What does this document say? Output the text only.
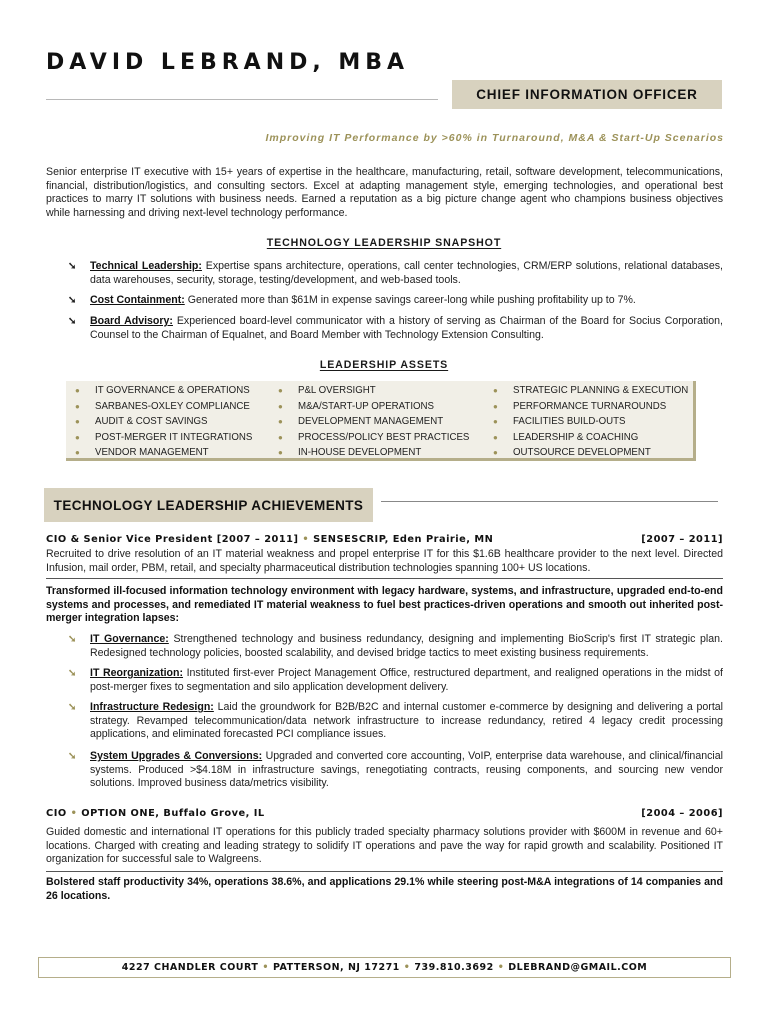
DAVID LEBRAND, MBA
CHIEF INFORMATION OFFICER
Improving IT Performance by >60% in Turnaround, M&A & Start-Up Scenarios
Senior enterprise IT executive with 15+ years of expertise in the healthcare, manufacturing, retail, software development, telecommunications, financial, distribution/logistics, and consulting sectors. Excel at adapting management style, emerging technologies, and operational best practices to marry IT solutions with business needs. Earned a reputation as a big picture change agent who champions business objectives while harnessing and driving next-level technology performance.
TECHNOLOGY LEADERSHIP SNAPSHOT
➘ Technical Leadership: Expertise spans architecture, operations, call center technologies, CRM/ERP solutions, relational databases, data warehouses, security, storage, testing/development, and web-based tools.
➘ Cost Containment: Generated more than $61M in expense savings career-long while pushing profitability up to 7%.
➘ Board Advisory: Experienced board-level communicator with a history of serving as Chairman of the Board for Socius Corporation, Counsel to the Chairman of Equalnet, and Board Member with Technology Extension Consulting.
LEADERSHIP ASSETS
● IT GOVERNANCE & OPERATIONS
● SARBANES-OXLEY COMPLIANCE
● AUDIT & COST SAVINGS
● POST-MERGER IT INTEGRATIONS
● VENDOR MANAGEMENT
● P&L OVERSIGHT
● M&A/START-UP OPERATIONS
● DEVELOPMENT MANAGEMENT
● PROCESS/POLICY BEST PRACTICES
● IN-HOUSE DEVELOPMENT
● STRATEGIC PLANNING & EXECUTION
● PERFORMANCE TURNAROUNDS
● FACILITIES BUILD-OUTS
● LEADERSHIP & COACHING
● OUTSOURCE DEVELOPMENT
TECHNOLOGY LEADERSHIP ACHIEVEMENTS
CIO & Senior Vice President [2007 – 2011] • SENSESCRIP, Eden Prairie, MN	[2007 – 2011]
Recruited to drive resolution of an IT material weakness and propel enterprise IT for this $1.6B healthcare provider to the next level. Directed Infusion, mail order, PBM, retail, and specialty pharmaceutical distribution technologies spanning 100+ US locations.
Transformed ill-focused information technology environment with legacy hardware, systems, and infrastructure, upgraded end-to-end systems and processes, and remediated IT material weakness to fuel best practices-driven operations and smooth out inherited post-merger integration lapses:
➘ IT Governance: Strengthened technology and business redundancy, designing and implementing BioScrip's first IT strategic plan. Redesigned technology policies, boosted scalability, and devised bridge tactics to meet existing business requirements.
➘ IT Reorganization: Instituted first-ever Project Management Office, restructured department, and realigned operations in the midst of post-merger fixes to segmentation and silo application development delivery.
➘ Infrastructure Redesign: Laid the groundwork for B2B/B2C and internal customer e-commerce by designing and delivering a portal strategy. Revamped telecommunication/data network infrastructure to increase redundancy, retired 4 legacy credit processing applications, and eliminated forecasted PCI compliance issues.
➘ System Upgrades & Conversions: Upgraded and converted core accounting, VoIP, enterprise data warehouse, and clinical/financial systems. Produced >$4.18M in infrastructure savings, renegotiating contracts, reusing components, and sourcing new vendor solutions. Improved business data/metrics visibility.
CIO • OPTION ONE, Buffalo Grove, IL	[2004 – 2006]
Guided domestic and international IT operations for this publicly traded specialty pharmacy solutions provider with $600M in revenue and 60+ locations. Charged with creating and leading strategy to solidify IT operations and pave the way for rapid growth and scalability. Positioned IT organization for successful sale to Walgreens.
Bolstered staff productivity 34%, operations 38.6%, and applications 29.1% while steering post-M&A integrations of 14 companies and 26 locations.
4227 CHANDLER COURT • PATTERSON, NJ 17271 • 739.810.3692 • DLEBRAND@GMAIL.COM
